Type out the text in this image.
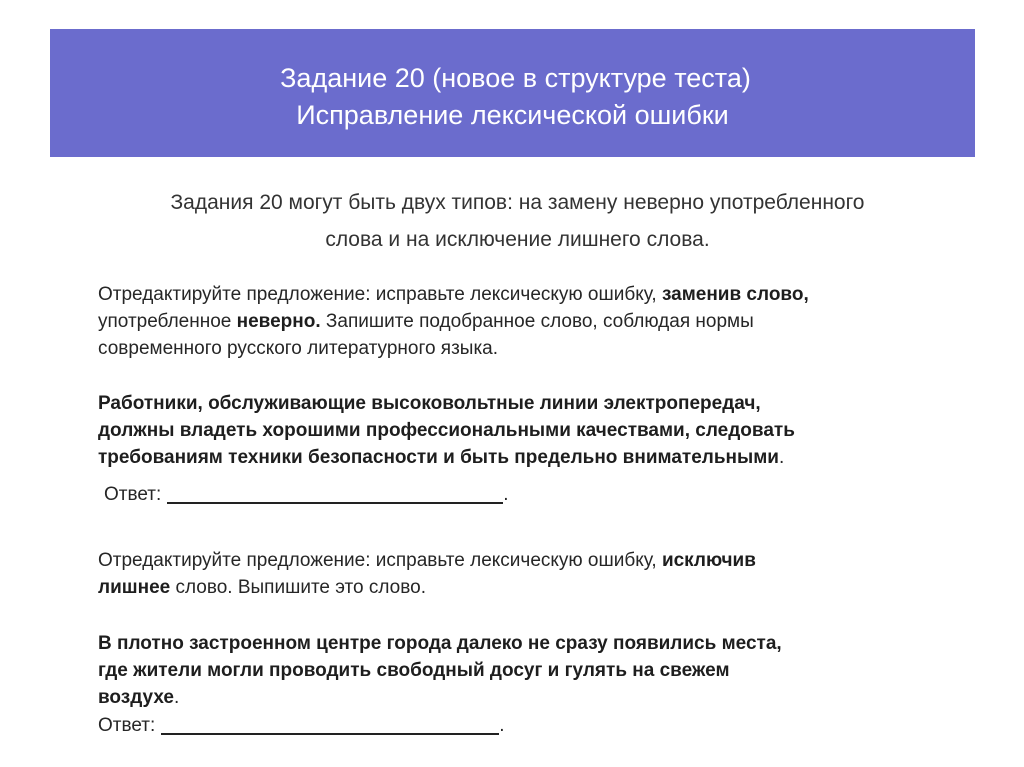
Задание 20 (новое в структуре теста)
Исправление лексической ошибки
Задания 20 могут быть двух типов: на замену неверно употребленного
слова и на исключение лишнего слова.
Отредактируйте предложение: исправьте лексическую ошибку, заменив слово,
употребленное неверно. Запишите подобранное слово, соблюдая нормы
современного русского литературного языка.
Работники, обслуживающие высоковольтные линии электропередач,
должны владеть хорошими профессиональными качествами, следовать
требованиям техники безопасности и быть предельно внимательными.
Ответ:	.
Отредактируйте предложение: исправьте лексическую ошибку, исключив
лишнее слово. Выпишите это слово.
В плотно застроенном центре города далеко не сразу появились места,
где жители могли проводить свободный досуг и гулять на свежем
воздухе.
Ответ:	.
